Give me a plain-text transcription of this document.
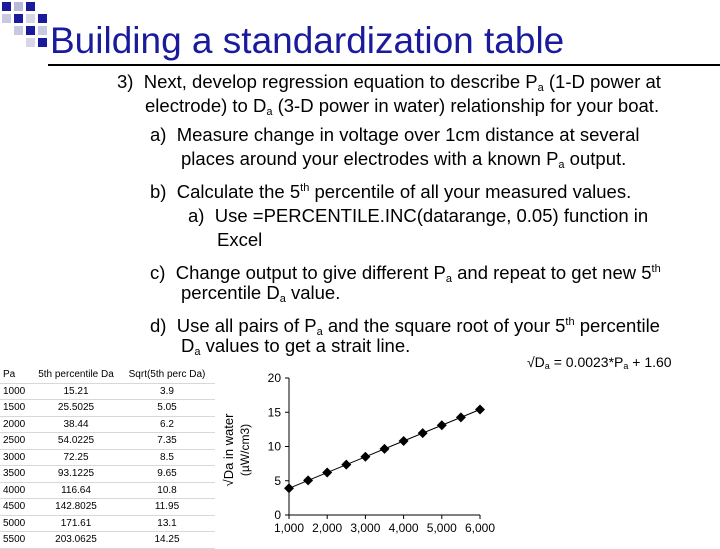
Building a standardization table
3) Next, develop regression equation to describe $P_a$ (1-D power at
electrode) to $D_a$ (3-D power in water) relationship for your boat.
a) Measure change in voltage over 1cm distance at several
places around your electrodes with a known $P_a$ output.
b) Calculate the 5th percentile of all your measured values.
a) Use =PERCENTILE.INC(datarange, 0.05) function in
Excel
c) Change output to give different $P_a$ and repeat to get new 5th
percentile $D_a$ value.
d) Use all pairs of $P_a$ and the square root of your 5th percentile
$D_a$ values to get a strait line.
$√D_a = 0.0023*P_a + 1.60$
Pa	5th percentile Da	Sqrt(5th perc Da)
1000	15.21	3.9
1500	25.5025	5.05
2000	38.44	6.2
2500	54.0225	7.35
3000	72.25	8.5
3500	93.1225	9.65
4000	116.64	10.8
4500	142.8025	11.95
5000	171.61	13.1
5500	203.0625	14.25
0
5
10
15
20
1,000 2,000 3,000 4,000 5,000 6,000
√Da in water (µW/cm3)
